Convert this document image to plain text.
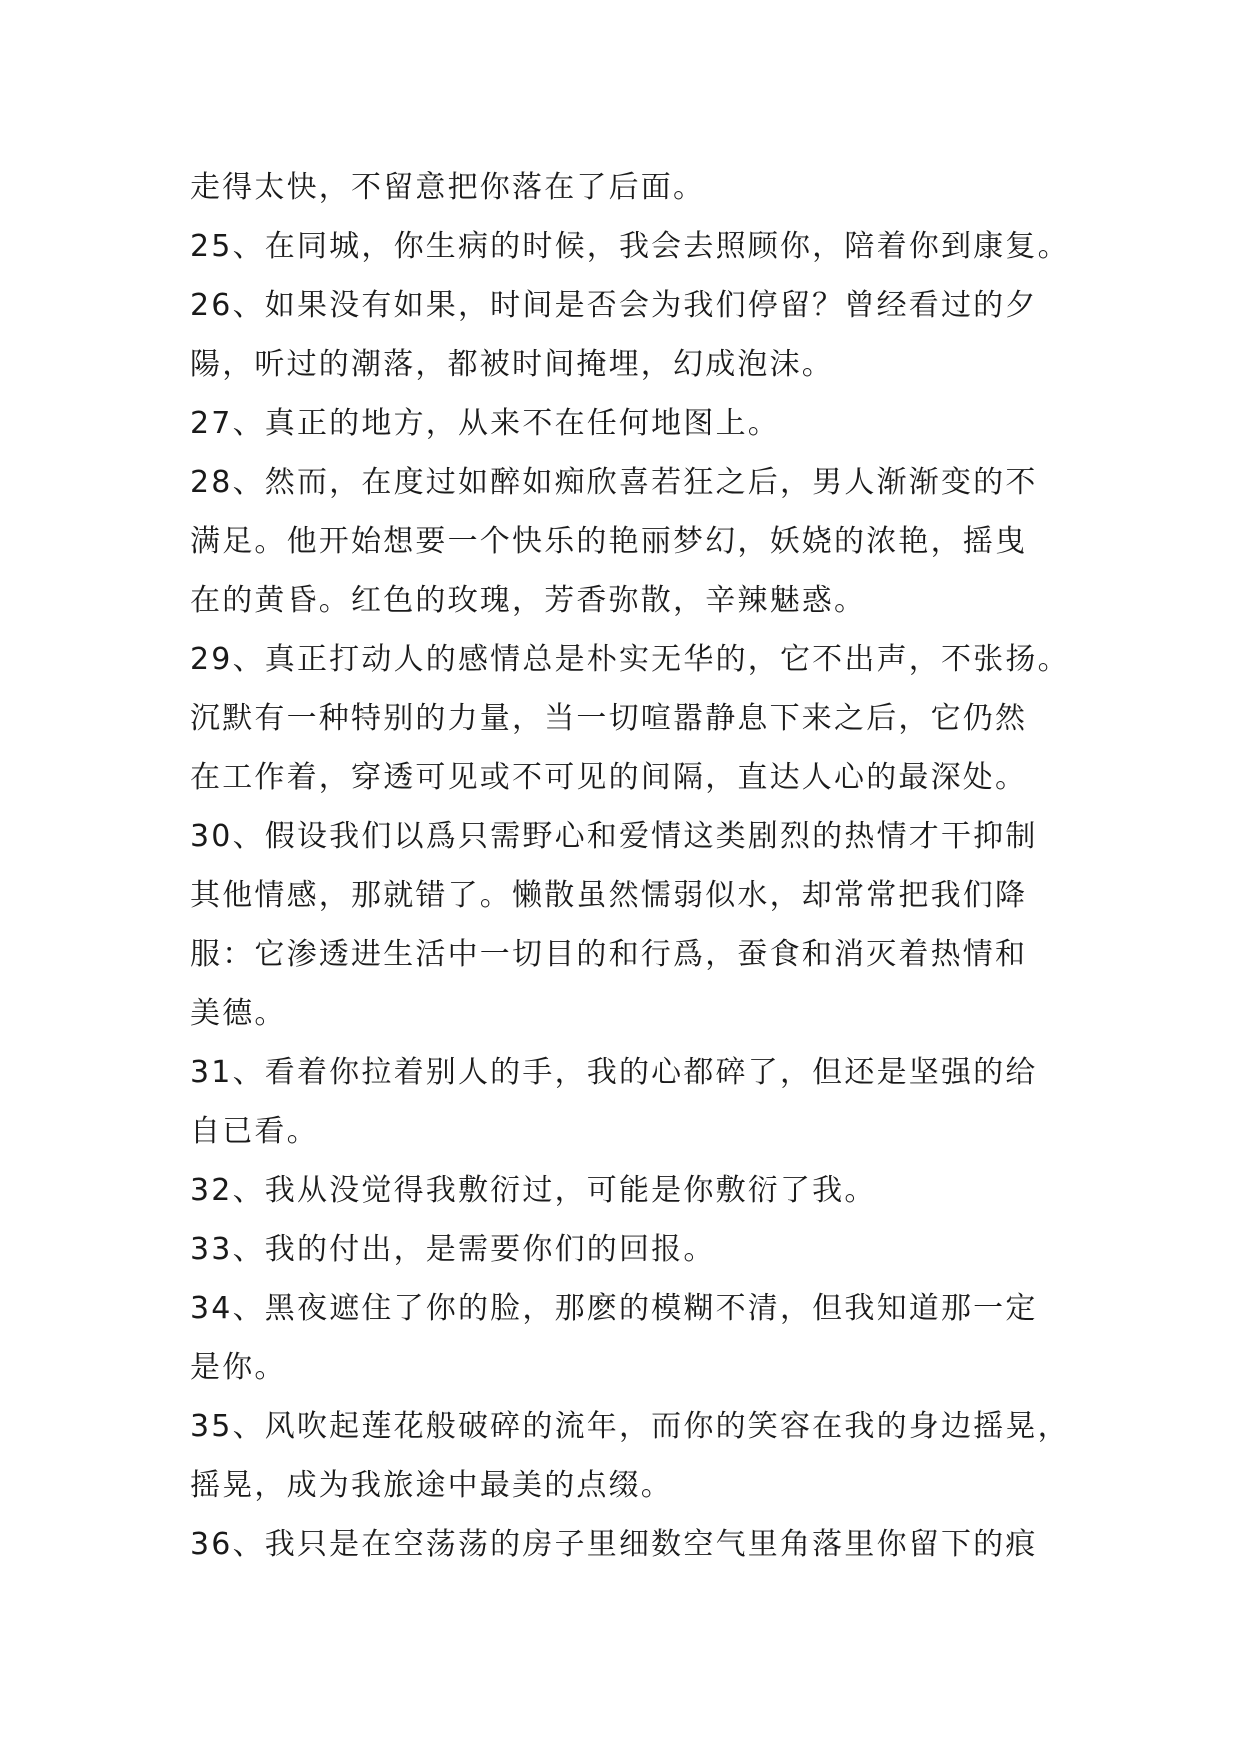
走得太快，不留意把你落在了后面。
25、在同城，你生病的时候，我会去照顾你，陪着你到康复。
26、如果没有如果，时间是否会为我们停留？曾经看过的夕
陽，听过的潮落，都被时间掩埋，幻成泡沫。
27、真正的地方，从来不在任何地图上。
28、然而，在度过如醉如痴欣喜若狂之后，男人渐渐变的不
满足。他开始想要一个快乐的艳丽梦幻，妖娆的浓艳，摇曳
在的黄昏。红色的玫瑰，芳香弥散，辛辣魅惑。
29、真正打动人的感情总是朴实无华的，它不出声，不张扬。
沉默有一种特别的力量，当一切喧嚣静息下来之后，它仍然
在工作着，穿透可见或不可见的间隔，直达人心的最深处。
30、假设我们以爲只需野心和爱情这类剧烈的热情才干抑制
其他情感，那就错了。懒散虽然懦弱似水，却常常把我们降
服：它渗透进生活中一切目的和行爲，蚕食和消灭着热情和
美德。
31、看着你拉着别人的手，我的心都碎了，但还是坚强的给
自已看。
32、我从没觉得我敷衍过，可能是你敷衍了我。
33、我的付出，是需要你们的回报。
34、黑夜遮住了你的脸，那麽的模糊不清，但我知道那一定
是你。
35、风吹起莲花般破碎的流年，而你的笑容在我的身边摇晃，
摇晃，成为我旅途中最美的点缀。
36、我只是在空荡荡的房子里细数空气里角落里你留下的痕
